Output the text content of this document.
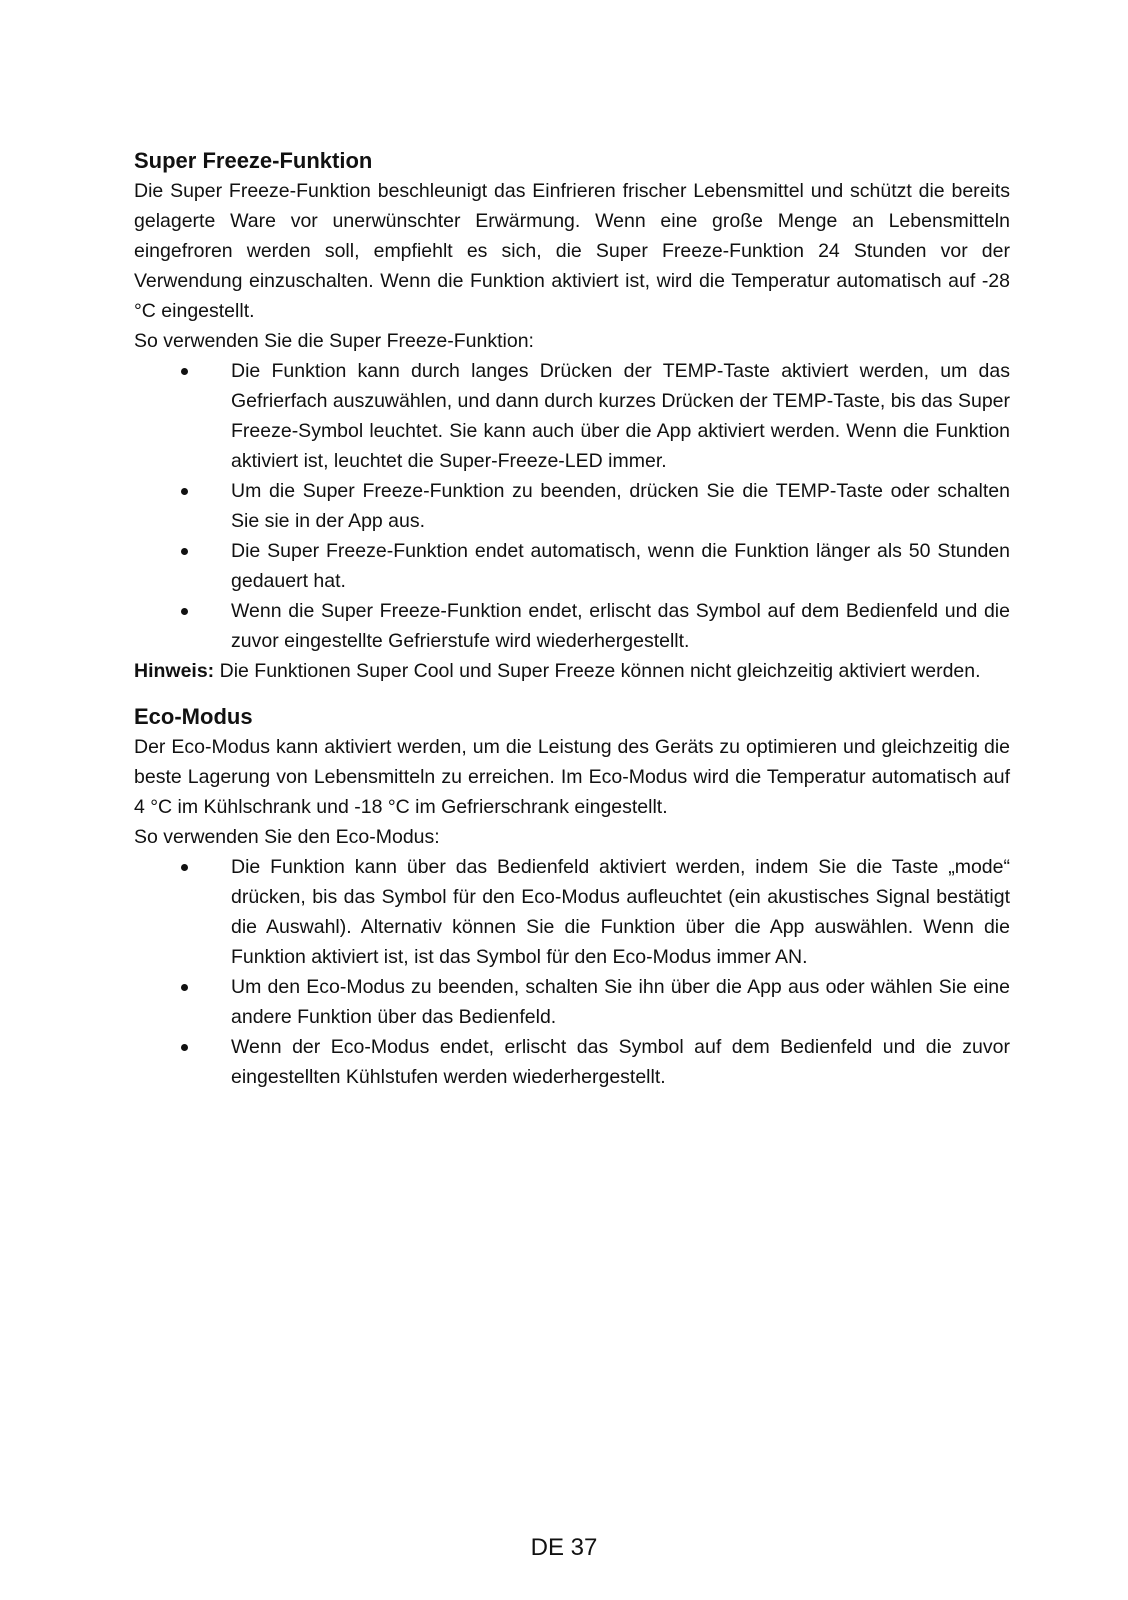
Super Freeze-Funktion

Die Super Freeze-Funktion beschleunigt das Einfrieren frischer Lebensmittel und schützt die bereits gelagerte Ware vor unerwünschter Erwärmung. Wenn eine große Menge an Lebensmitteln eingefroren werden soll, empfiehlt es sich, die Super Freeze-Funktion 24 Stunden vor der Verwendung einzuschalten. Wenn die Funktion aktiviert ist, wird die Temperatur automatisch auf -28 °C eingestellt.

So verwenden Sie die Super Freeze-Funktion:

Die Funktion kann durch langes Drücken der TEMP-Taste aktiviert werden, um das Gefrierfach auszuwählen, und dann durch kurzes Drücken der TEMP-Taste, bis das Super Freeze-Symbol leuchtet. Sie kann auch über die App aktiviert werden. Wenn die Funktion aktiviert ist, leuchtet die Super-Freeze-LED immer.
Um die Super Freeze-Funktion zu beenden, drücken Sie die TEMP-Taste oder schalten Sie sie in der App aus.
Die Super Freeze-Funktion endet automatisch, wenn die Funktion länger als 50 Stunden gedauert hat.
Wenn die Super Freeze-Funktion endet, erlischt das Symbol auf dem Bedienfeld und die zuvor eingestellte Gefrierstufe wird wiederhergestellt.

Hinweis: Die Funktionen Super Cool und Super Freeze können nicht gleichzeitig aktiviert werden.

Eco-Modus

Der Eco-Modus kann aktiviert werden, um die Leistung des Geräts zu optimieren und gleichzeitig die beste Lagerung von Lebensmitteln zu erreichen. Im Eco-Modus wird die Temperatur automatisch auf 4 °C im Kühlschrank und -18 °C im Gefrierschrank eingestellt.

So verwenden Sie den Eco-Modus:

Die Funktion kann über das Bedienfeld aktiviert werden, indem Sie die Taste „mode“ drücken, bis das Symbol für den Eco-Modus aufleuchtet (ein akustisches Signal bestätigt die Auswahl). Alternativ können Sie die Funktion über die App auswählen. Wenn die Funktion aktiviert ist, ist das Symbol für den Eco-Modus immer AN.
Um den Eco-Modus zu beenden, schalten Sie ihn über die App aus oder wählen Sie eine andere Funktion über das Bedienfeld.
Wenn der Eco-Modus endet, erlischt das Symbol auf dem Bedienfeld und die zuvor eingestellten Kühlstufen werden wiederhergestellt.
DE 37
